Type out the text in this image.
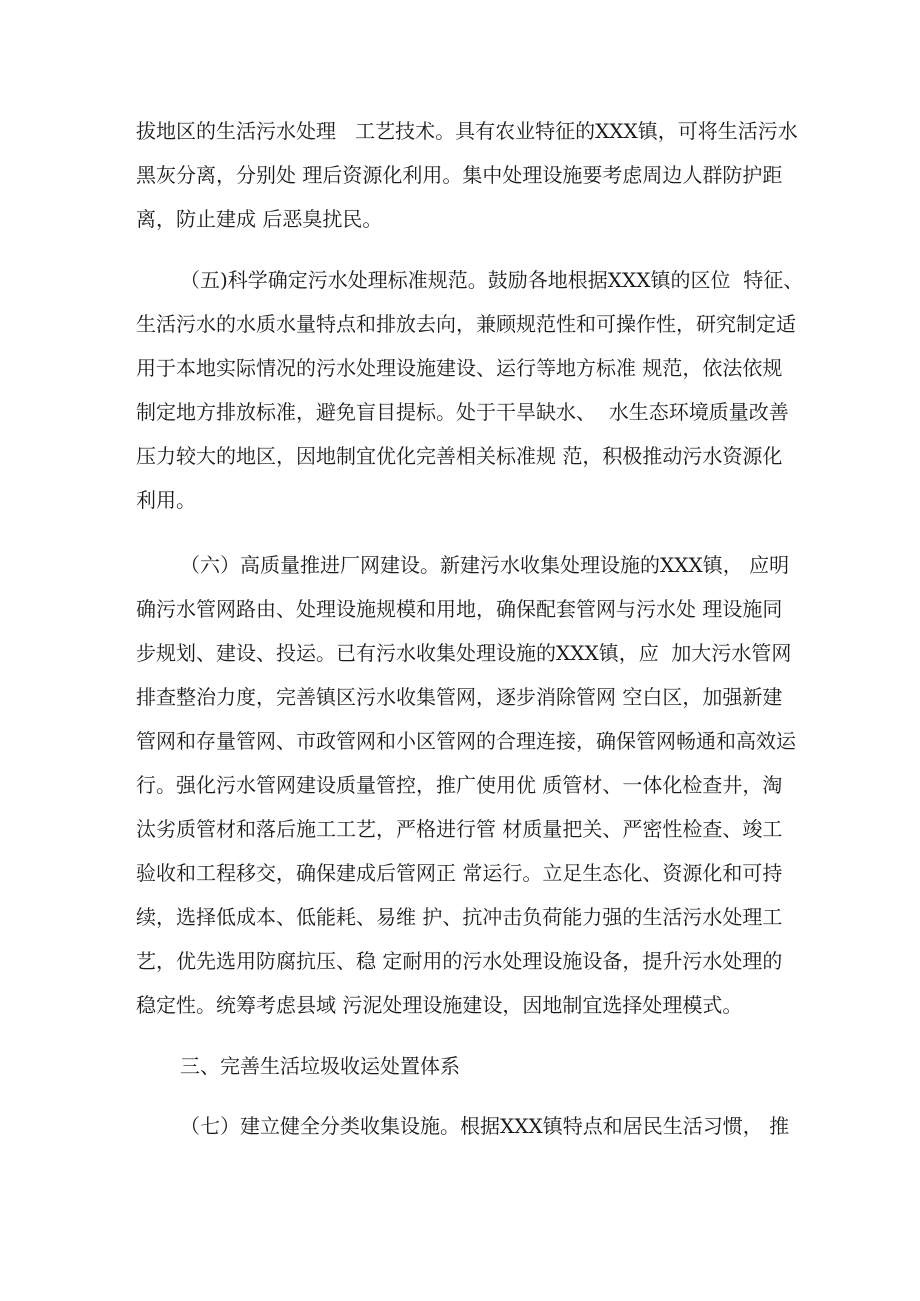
拔地区的生活污水处理   工艺技术。具有农业特征的XXX镇，可将生活污水
黑灰分离，分别处 理后资源化利用。集中处理设施要考虑周边人群防护距
离，防止建成 后恶臭扰民。
（五)科学确定污水处理标准规范。鼓励各地根据XXX镇的区位  特征、
生活污水的水质水量特点和排放去向，兼顾规范性和可操作性，研究制定适
用于本地实际情况的污水处理设施建设、运行等地方标准 规范，依法依规
制定地方排放标准，避免盲目提标。处于干旱缺水、  水生态环境质量改善
压力较大的地区，因地制宜优化完善相关标准规 范，积极推动污水资源化
利用。
（六）高质量推进厂网建设。新建污水收集处理设施的XXX镇， 应明
确污水管网路由、处理设施规模和用地，确保配套管网与污水处 理设施同
步规划、建设、投运。已有污水收集处理设施的XXX镇，应  加大污水管网
排查整治力度，完善镇区污水收集管网，逐步消除管网 空白区，加强新建
管网和存量管网、市政管网和小区管网的合理连接，确保管网畅通和高效运
行。强化污水管网建设质量管控，推广使用优 质管材、一体化检查井，淘
汰劣质管材和落后施工工艺，严格进行管 材质量把关、严密性检查、竣工
验收和工程移交，确保建成后管网正 常运行。立足生态化、资源化和可持
续，选择低成本、低能耗、易维 护、抗冲击负荷能力强的生活污水处理工
艺，优先选用防腐抗压、稳 定耐用的污水处理设施设备，提升污水处理的
稳定性。统筹考虑县域 污泥处理设施建设，因地制宜选择处理模式。
三、完善生活垃圾收运处置体系
（七）建立健全分类收集设施。根据XXX镇特点和居民生活习惯， 推
